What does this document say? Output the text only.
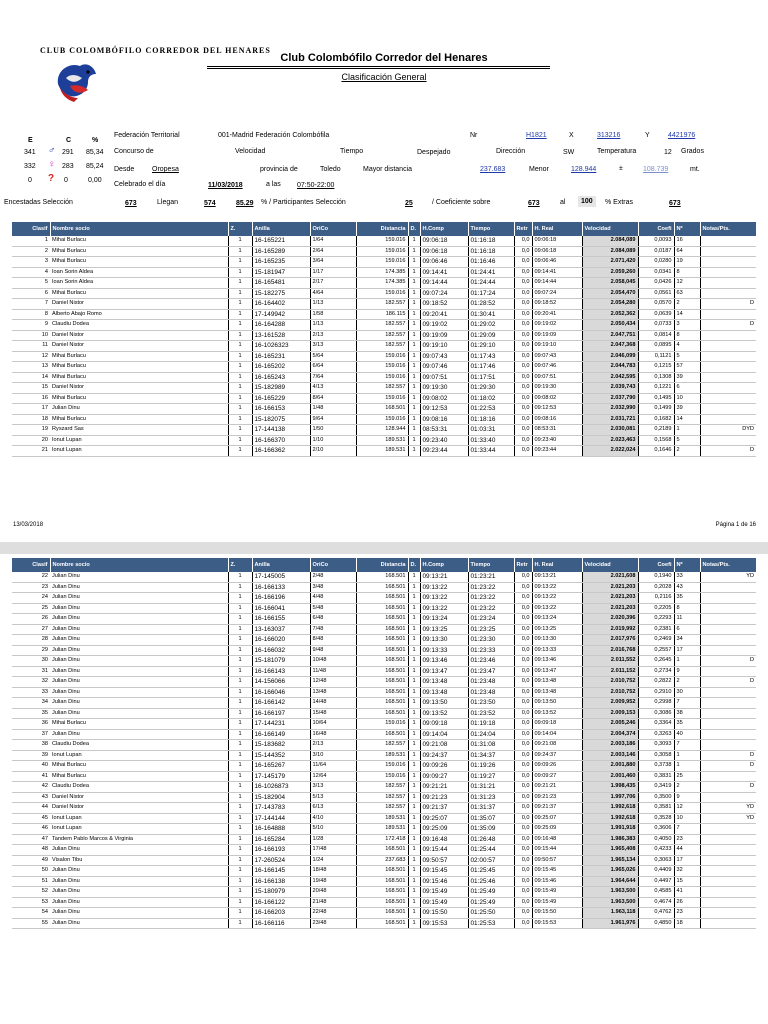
CLUB COLOMBÓFILO CORREDOR DEL HENARES
Club Colombófilo Corredor del Henares
Clasificación General
E	C	%
341 ♂ 291 85,34
332 ♀ 283 85,24
0 ? 0	0,00
Federación Territorial	001-Madrid Federación Colombófila	Nr	H1821	X	313216	Y	4421976
Concurso de	Velocidad	Tiempo	Despejado	Dirección	SW	Temperatura	12 Grados
Desde	Oropesa	provincia de	Toledo	Mayor distancia	237.683	Menor	128.944	±	108.739	mt.
Celebrado el día	11/03/2018	a las 07:50-22:00
Encestadas Selección	673	Llegan	574	85.29 % / Participantes Selección	25	/ Coeficiente sobre	673	al	100	% Extras	673
Clasif	Nombre socio	Z.	Anilla	OriCo	Distancia	D.	H.Comp	Tiempo	Retr	H. Real	Velocidad	Coefi	Nº	Notas/Pts.
1	Mihai Burlacu	1	16-165221	1/64	159.016	1	09:06:18	01:16:18	0,0	09:06:18	2.084,089	0,0093	16	
2	Mihai Burlacu	1	16-165289	2/64	159.016	1	09:06:18	01:16:18	0,0	09:06:18	2.084,089	0,0187	64	
3	Mihai Burlacu	1	16-165235	3/64	159.016	1	09:06:46	01:16:46	0,0	09:06:46	2.071,420	0,0280	19	
4	Ioan Sorin Aldea	1	15-181947	1/17	174.385	1	09:14:41	01:24:41	0,0	09:14:41	2.059,260	0,0341	8	
5	Ioan Sorin Aldea	1	16-165481	2/17	174.385	1	09:14:44	01:24:44	0,0	09:14:44	2.058,045	0,0426	12	
6	Mihai Burlacu	1	15-182275	4/64	159.016	1	09:07:24	01:17:24	0,0	09:07:24	2.054,470	0,0561	63	
7	Daniel Nistor	1	16-164402	1/13	182.557	1	09:18:52	01:28:52	0,0	09:18:52	2.054,280	0,0570	2	D
8	Alberto Abajo Romo	1	17-149942	1/58	186.115	1	09:20:41	01:30:41	0,0	09:20:41	2.052,362	0,0639	14	
9	Claudiu Dodea	1	16-164288	1/13	182.557	1	09:19:02	01:29:02	0,0	09:19:02	2.050,434	0,0733	3	D
10	Daniel Nistor	1	13-161528	2/13	182.557	1	09:19:09	01:29:09	0,0	09:19:09	2.047,751	0,0814	8	
11	Daniel Nistor	1	16-1026323	3/13	182.557	1	09:19:10	01:29:10	0,0	09:19:10	2.047,368	0,0895	4	
12	Mihai Burlacu	1	16-165231	5/64	159.016	1	09:07:43	01:17:43	0,0	09:07:43	2.046,099	0,1121	5	
13	Mihai Burlacu	1	16-165202	6/64	159.016	1	09:07:46	01:17:46	0,0	09:07:46	2.044,783	0,1215	57	
14	Mihai Burlacu	1	16-165243	7/64	159.016	1	09:07:51	01:17:51	0,0	09:07:51	2.042,595	0,1308	39	
15	Daniel Nistor	1	15-182989	4/13	182.557	1	09:19:30	01:29:30	0,0	09:19:30	2.039,743	0,1221	6	
16	Mihai Burlacu	1	16-165229	8/64	159.016	1	09:08:02	01:18:02	0,0	09:08:02	2.037,790	0,1495	10	
17	Julian Dinu	1	16-166153	1/48	168.501	1	09:12:53	01:22:53	0,0	09:12:53	2.032,990	0,1499	39	
18	Mihai Burlacu	1	15-182075	9/64	159.016	1	09:08:16	01:18:16	0,0	09:08:16	2.031,721	0,1682	14	
19	Ryszard Sas	1	17-144138	1/50	128.944	1	08:53:31	01:03:31	0,0	08:53:31	2.030,081	0,2189	1	DYD
20	Ionut Lupan	1	16-166370	1/10	189.531	1	09:23:40	01:33:40	0,0	09:23:40	2.023,463	0,1568	5	
21	Ionut Lupan	1	16-166362	2/10	189.531	1	09:23:44	01:33:44	0,0	09:23:44	2.022,024	0,1646	2	D
13/03/2018	Página 1 de 16
Clasif	Nombre socio	Z.	Anilla	OriCo	Distancia	D.	H.Comp	Tiempo	Retr	H. Real	Velocidad	Coefi	Nº	Notas/Pts.
22	Julian Dinu	1	17-145005	2/48	168.501	1	09:13:21	01:23:21	0,0	09:13:21	2.021,608	0,1940	33	YD
23	Julian Dinu	1	16-166133	3/48	168.501	1	09:13:22	01:23:22	0,0	09:13:22	2.021,203	0,2028	43	
24	Julian Dinu	1	16-166196	4/48	168.501	1	09:13:22	01:23:22	0,0	09:13:22	2.021,203	0,2116	35	
25	Julian Dinu	1	16-166041	5/48	168.501	1	09:13:22	01:23:22	0,0	09:13:22	2.021,203	0,2205	8	
26	Julian Dinu	1	16-166155	6/48	168.501	1	09:13:24	01:23:24	0,0	09:13:24	2.020,396	0,2293	11	
27	Julian Dinu	1	13-163037	7/48	168.501	1	09:13:25	01:23:25	0,0	09:13:25	2.019,992	0,2381	6	
28	Julian Dinu	1	16-166020	8/48	168.501	1	09:13:30	01:23:30	0,0	09:13:30	2.017,976	0,2469	34	
29	Julian Dinu	1	16-166032	9/48	168.501	1	09:13:33	01:23:33	0,0	09:13:33	2.016,768	0,2557	17	
30	Julian Dinu	1	15-181079	10/48	168.501	1	09:13:46	01:23:46	0,0	09:13:46	2.011,552	0,2645	1	D
31	Julian Dinu	1	16-166143	11/48	168.501	1	09:13:47	01:23:47	0,0	09:13:47	2.011,152	0,2734	9	
32	Julian Dinu	1	14-156066	12/48	168.501	1	09:13:48	01:23:48	0,0	09:13:48	2.010,752	0,2822	2	D
33	Julian Dinu	1	16-166046	13/48	168.501	1	09:13:48	01:23:48	0,0	09:13:48	2.010,752	0,2910	30	
34	Julian Dinu	1	16-166142	14/48	168.501	1	09:13:50	01:23:50	0,0	09:13:50	2.009,952	0,2998	7	
35	Julian Dinu	1	16-166197	15/48	168.501	1	09:13:52	01:23:52	0,0	09:13:52	2.009,153	0,3086	38	
36	Mihai Burlacu	1	17-144231	10/64	159.016	1	09:09:18	01:19:18	0,0	09:09:18	2.005,246	0,3364	35	
37	Julian Dinu	1	16-166149	16/48	168.501	1	09:14:04	01:24:04	0,0	09:14:04	2.004,374	0,3263	40	
38	Claudiu Dodea	1	15-183682	2/13	182.557	1	09:21:08	01:31:08	0,0	09:21:08	2.003,186	0,3093	7	
39	Ionut Lupan	1	15-144352	3/10	189.531	1	09:24:37	01:34:37	0,0	09:24:37	2.003,146	0,3058	1	D
40	Mihai Burlacu	1	16-165267	11/64	159.016	1	09:09:26	01:19:26	0,0	09:09:26	2.001,880	0,3738	1	D
41	Mihai Burlacu	1	17-145179	12/64	159.016	1	09:09:27	01:19:27	0,0	09:09:27	2.001,460	0,3831	25	
42	Claudiu Dodea	1	16-1026873	3/13	182.557	1	09:21:21	01:31:21	0,0	09:21:21	1.998,435	0,3419	2	D
43	Daniel Nistor	1	15-182904	5/13	182.557	1	09:21:23	01:31:23	0,0	09:21:23	1.997,706	0,3500	9	
44	Daniel Nistor	1	17-143783	6/13	182.557	1	09:21:37	01:31:37	0,0	09:21:37	1.992,618	0,3581	12	YD
45	Ionut Lupan	1	17-144144	4/10	189.531	1	09:25:07	01:35:07	0,0	09:25:07	1.992,618	0,3528	10	YD
46	Ionut Lupan	1	16-164888	5/10	189.531	1	09:25:09	01:35:09	0,0	09:25:09	1.991,918	0,3606	7	
47	Tandem Pablo Marcos & Virginia	1	16-165284	1/28	172.418	1	09:16:48	01:26:48	0,0	09:16:48	1.986,383	0,4050	23	
48	Julian Dinu	1	16-166193	17/48	168.501	1	09:15:44	01:25:44	0,0	09:15:44	1.965,408	0,4233	44	
49	Visalon Tibu	1	17-260524	1/24	237.683	1	09:50:57	02:00:57	0,0	09:50:57	1.965,134	0,3063	17	
50	Julian Dinu	1	16-166145	18/48	168.501	1	09:15:45	01:25:45	0,0	09:15:45	1.965,026	0,4409	32	
51	Julian Dinu	1	16-166138	19/48	168.501	1	09:15:46	01:25:46	0,0	09:15:46	1.964,644	0,4497	15	
52	Julian Dinu	1	15-180979	20/48	168.501	1	09:15:49	01:25:49	0,0	09:15:49	1.963,500	0,4585	41	
53	Julian Dinu	1	16-166122	21/48	168.501	1	09:15:49	01:25:49	0,0	09:15:49	1.963,500	0,4674	26	
54	Julian Dinu	1	16-166203	22/48	168.501	1	09:15:50	01:25:50	0,0	09:15:50	1.963,118	0,4762	23	
55	Julian Dinu	1	16-166116	23/48	168.501	1	09:15:53	01:25:53	0,0	09:15:53	1.961,976	0,4850	18	
